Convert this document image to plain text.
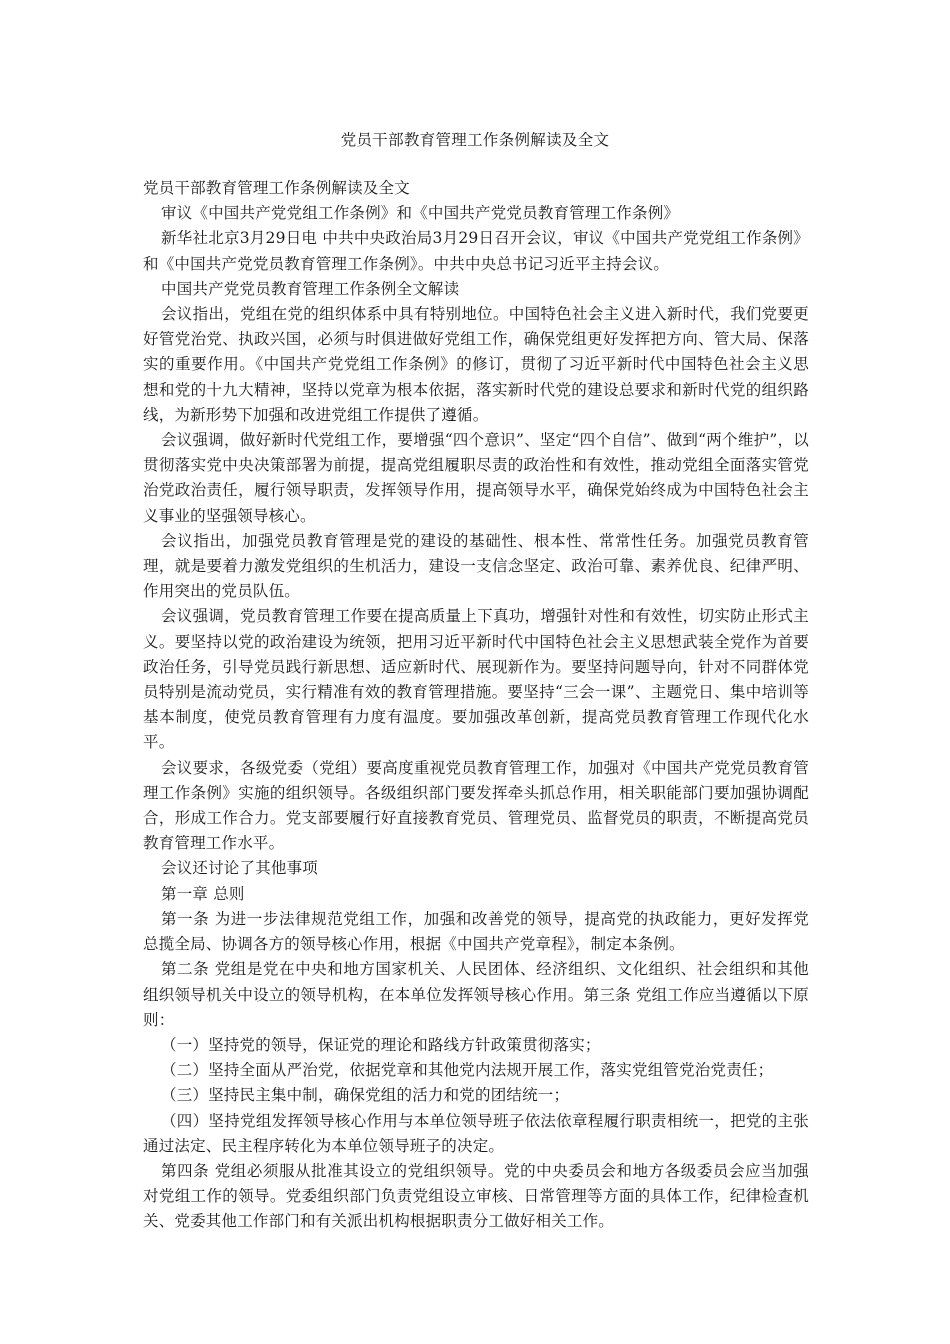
党员干部教育管理工作条例解读及全文

党员干部教育管理工作条例解读及全文

审议《中国共产党党组工作条例》和《中国共产党党员教育管理工作条例》

新华社北京3月29日电 中共中央政治局3月29日召开会议，审议《中国共产党党组工作条例》和《中国共产党党员教育管理工作条例》。中共中央总书记习近平主持会议。

中国共产党党员教育管理工作条例全文解读

会议指出，党组在党的组织体系中具有特别地位。中国特色社会主义进入新时代，我们党要更好管党治党、执政兴国，必须与时俱进做好党组工作，确保党组更好发挥把方向、管大局、保落实的重要作用。《中国共产党党组工作条例》的修订，贯彻了习近平新时代中国特色社会主义思想和党的十九大精神，坚持以党章为根本依据，落实新时代党的建设总要求和新时代党的组织路线，为新形势下加强和改进党组工作提供了遵循。

会议强调，做好新时代党组工作，要增强“四个意识”、坚定“四个自信”、做到“两个维护”，以贯彻落实党中央决策部署为前提，提高党组履职尽责的政治性和有效性，推动党组全面落实管党治党政治责任，履行领导职责，发挥领导作用，提高领导水平，确保党始终成为中国特色社会主义事业的坚强领导核心。

会议指出，加强党员教育管理是党的建设的基础性、根本性、常常性任务。加强党员教育管理，就是要着力激发党组织的生机活力，建设一支信念坚定、政治可靠、素养优良、纪律严明、作用突出的党员队伍。

会议强调，党员教育管理工作要在提高质量上下真功，增强针对性和有效性，切实防止形式主义。要坚持以党的政治建设为统领，把用习近平新时代中国特色社会主义思想武装全党作为首要政治任务，引导党员践行新思想、适应新时代、展现新作为。要坚持问题导向，针对不同群体党员特别是流动党员，实行精准有效的教育管理措施。要坚持“三会一课”、主题党日、集中培训等基本制度，使党员教育管理有力度有温度。要加强改革创新，提高党员教育管理工作现代化水平。

会议要求，各级党委（党组）要高度重视党员教育管理工作，加强对《中国共产党党员教育管理工作条例》实施的组织领导。各级组织部门要发挥牵头抓总作用，相关职能部门要加强协调配合，形成工作合力。党支部要履行好直接教育党员、管理党员、监督党员的职责，不断提高党员教育管理工作水平。

会议还讨论了其他事项

第一章 总则

第一条 为进一步法律规范党组工作，加强和改善党的领导，提高党的执政能力，更好发挥党总揽全局、协调各方的领导核心作用，根据《中国共产党章程》，制定本条例。

第二条 党组是党在中央和地方国家机关、人民团体、经济组织、文化组织、社会组织和其他组织领导机关中设立的领导机构，在本单位发挥领导核心作用。第三条 党组工作应当遵循以下原则：

（一）坚持党的领导，保证党的理论和路线方针政策贯彻落实；

（二）坚持全面从严治党，依据党章和其他党内法规开展工作，落实党组管党治党责任；

（三）坚持民主集中制，确保党组的活力和党的团结统一；

（四）坚持党组发挥领导核心作用与本单位领导班子依法依章程履行职责相统一，把党的主张通过法定、民主程序转化为本单位领导班子的决定。

第四条 党组必须服从批准其设立的党组织领导。党的中央委员会和地方各级委员会应当加强对党组工作的领导。党委组织部门负责党组设立审核、日常管理等方面的具体工作，纪律检查机关、党委其他工作部门和有关派出机构根据职责分工做好相关工作。
